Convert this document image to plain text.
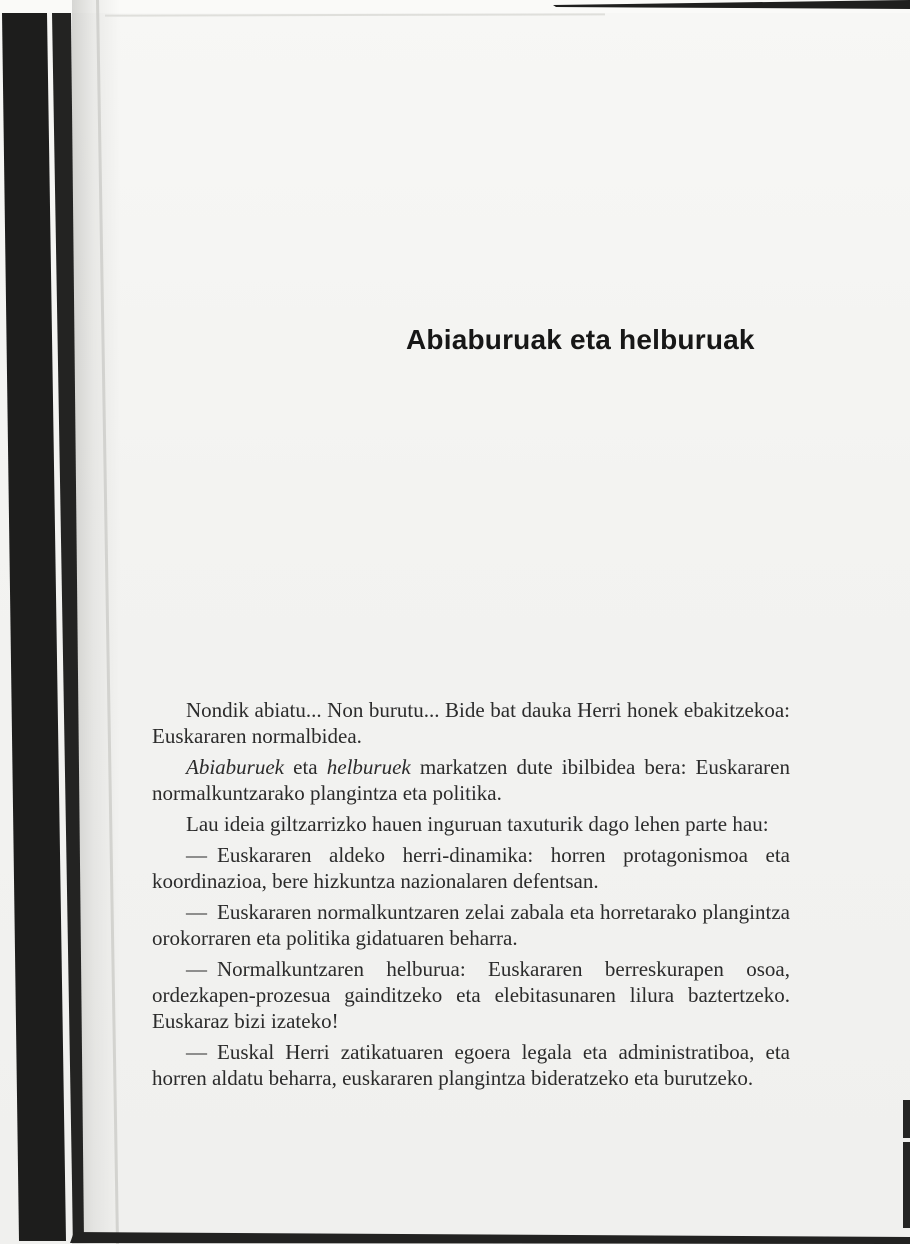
Abiaburuak eta helburuak

Nondik abiatu... Non burutu... Bide bat dauka Herri honek ebakitzekoa: Euskararen normalbidea.

Abiaburuek eta helburuek markatzen dute ibilbidea bera: Euskararen normalkuntzarako plangintza eta politika.

Lau ideia giltzarrizko hauen inguruan taxuturik dago lehen parte hau:

— Euskararen aldeko herri-dinamika: horren protagonismoa eta koordinazioa, bere hizkuntza nazionalaren defentsan.

— Euskararen normalkuntzaren zelai zabala eta horretarako plangintza orokorraren eta politika gidatuaren beharra.

— Normalkuntzaren helburua: Euskararen berreskurapen osoa, ordezkapen-prozesua gainditzeko eta elebitasunaren lilura baztertzeko. Euskaraz bizi izateko!

— Euskal Herri zatikatuaren egoera legala eta administratiboa, eta horren aldatu beharra, euskararen plangintza bideratzeko eta burutzeko.
